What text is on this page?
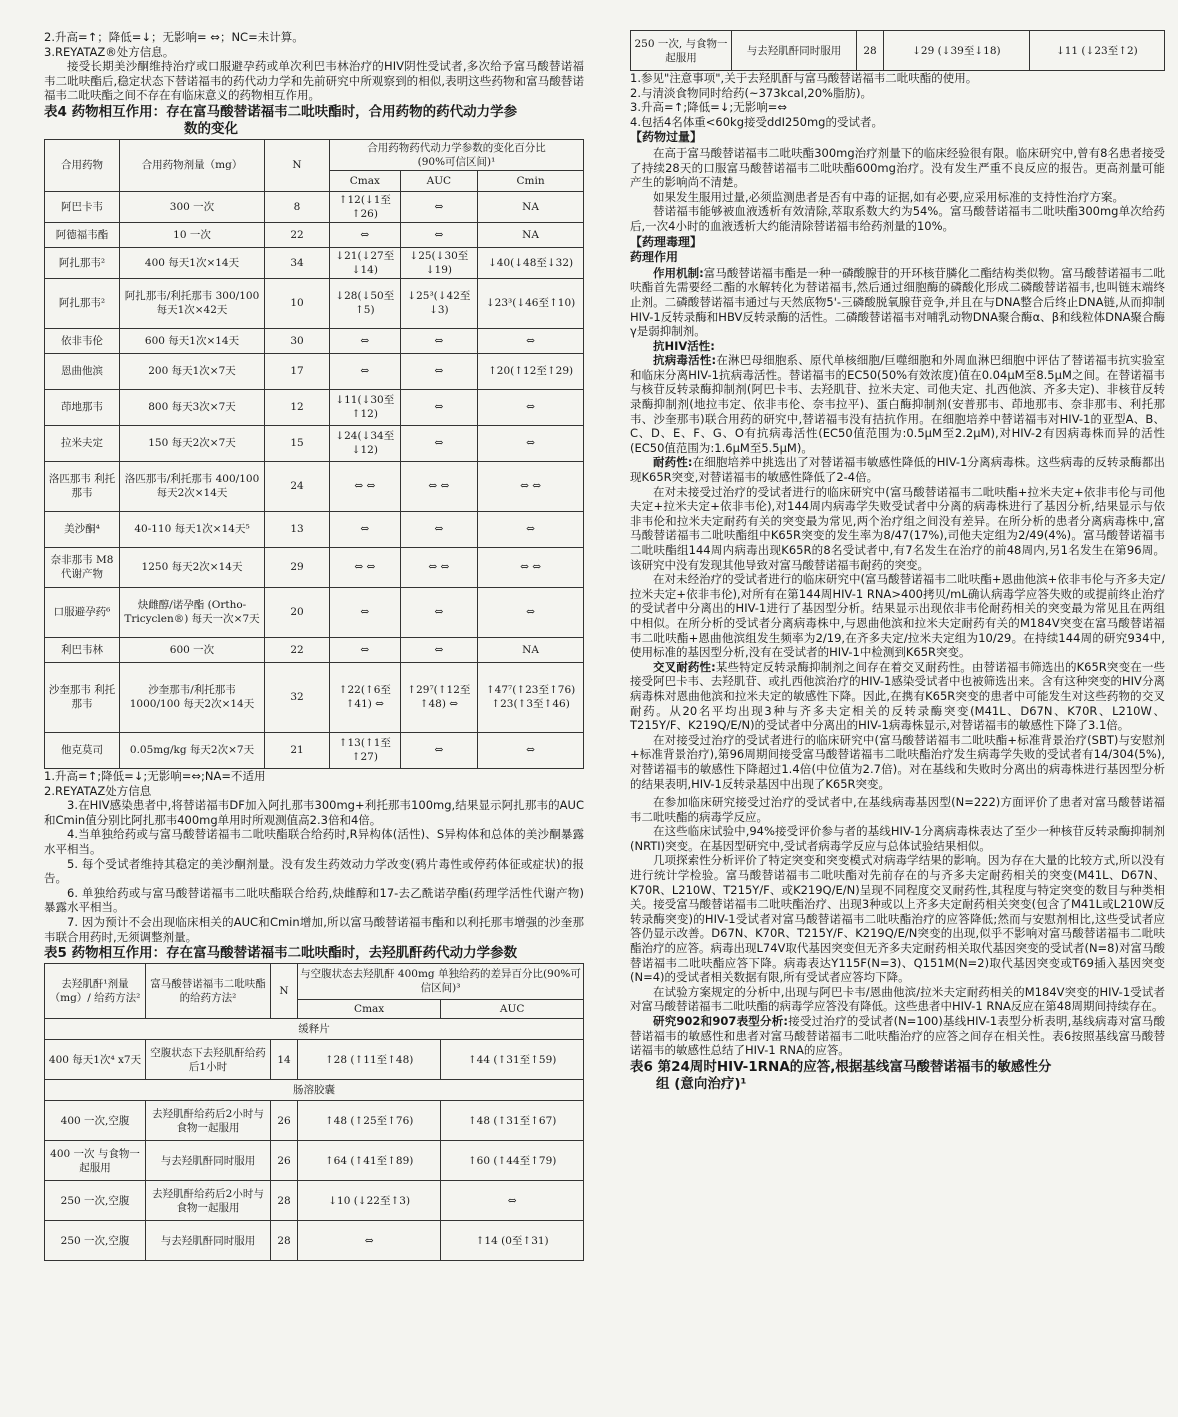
2.升高=↑；降低=↓；无影响= ⇔；NC=未计算。

3.REYATAZ®处方信息。

接受长期美沙酮维持治疗或口服避孕药或单次利巴韦林治疗的HIV阴性受试者,多次给予富马酸替诺福韦二吡呋酯后,稳定状态下替诺福韦的药代动力学和先前研究中所观察到的相似,表明这些药物和富马酸替诺福韦二吡呋酯之间不存在有临床意义的药物相互作用。

表4 药物相互作用：存在富马酸替诺福韦二吡呋酯时，合用药物的药代动力学参
数的变化
合用药物	合用药物剂量（mg）	N	合用药物药代动力学参数的变化百分比
(90%可信区间)¹		
			Cmax	AUC	Cmin
阿巴卡韦	300 一次	8	↑12(↓1至↑26)	⇔	NA
阿德福韦酯	10 一次	22	⇔	⇔	NA
阿扎那韦²	400 每天1次×14天	34	↓21(↓27至↓14)	↓25(↓30至↓19)	↓40(↓48至↓32)
阿扎那韦²	阿扎那韦/利托那韦 300/100 每天1次×42天	10	↓28(↓50至↑5)	↓25³(↓42至↓3)	↓23³(↓46至↑10)
依非韦伦	600 每天1次×14天	30	⇔	⇔	⇔
恩曲他滨	200 每天1次×7天	17	⇔	⇔	↑20(↑12至↑29)
茚地那韦	800 每天3次×7天	12	↓11(↓30至↑12)	⇔	⇔
拉米夫定	150 每天2次×7天	15	↓24(↓34至↓12)	⇔	⇔
洛匹那韦 利托那韦	洛匹那韦/利托那韦 400/100 每天2次×14天	24	⇔ ⇔	⇔ ⇔	⇔ ⇔
美沙酮⁴	40-110 每天1次×14天⁵	13	⇔	⇔	⇔
奈非那韦 M8代谢产物	1250 每天2次×14天	29	⇔ ⇔	⇔ ⇔	⇔ ⇔
口服避孕药⁶	炔雌醇/诺孕酯 (Ortho-Tricyclen®) 每天一次×7天	20	⇔	⇔	⇔
利巴韦林	600 一次	22	⇔	⇔	NA
沙奎那韦 利托那韦	沙奎那韦/利托那韦 1000/100 每天2次×14天	32	↑22(↑6至↑41) ⇔	↑29⁷(↑12至↑48) ⇔	↑47⁷(↑23至↑76) ↑23(↑3至↑46)
他克莫司	0.05mg/kg 每天2次×7天	21	↑13(↑1至↑27)	⇔	⇔

1.升高=↑;降低=↓;无影响=⇔;NA=不适用

2.REYATAZ处方信息

3.在HIV感染患者中,将替诺福韦DF加入阿扎那韦300mg+利托那韦100mg,结果显示阿扎那韦的AUC和Cmin值分别比阿扎那韦400mg单用时所观测值高2.3倍和4倍。

4.当单独给药或与富马酸替诺福韦二吡呋酯联合给药时,R异构体(活性)、S异构体和总体的美沙酮暴露水平相当。

5. 每个受试者维持其稳定的美沙酮剂量。没有发生药效动力学改变(鸦片毒性或停药体征或症状)的报告。

6. 单独给药或与富马酸替诺福韦二吡呋酯联合给药,炔雌醇和17-去乙酰诺孕酯(药理学活性代谢产物)暴露水平相当。

7. 因为预计不会出现临床相关的AUC和Cmin增加,所以富马酸替诺福韦酯和以利托那韦增强的沙奎那韦联合用药时,无须调整剂量。

表5 药物相互作用：存在富马酸替诺福韦二吡呋酯时，去羟肌酐药代动力学参数
去羟肌酐¹剂量（mg）/ 给药方法²	富马酸替诺福韦二吡呋酯的给药方法²	N	与空腹状态去羟肌酐 400mg 单独给药的差异百分比(90%可信区间)³	
			Cmax	AUC
缓释片				
400 每天1次⁴ x7天	空腹状态下去羟肌酐给药后1小时	14	↑28 (↑11至↑48)	↑44 (↑31至↑59)
肠溶胶囊				
400 一次,空腹	去羟肌酐给药后2小时与食物一起服用	26	↑48 (↑25至↑76)	↑48 (↑31至↑67)
400 一次 与食物一起服用	与去羟肌酐同时服用	26	↑64 (↑41至↑89)	↑60 (↑44至↑79)
250 一次,空腹	去羟肌酐给药后2小时与食物一起服用	28	↓10 (↓22至↑3)	⇔
250 一次,空腹	与去羟肌酐同时服用	28	⇔	↑14 (0至↑31)
250 一次, 与食物一起服用	与去羟肌酐同时服用	28	↓29 (↓39至↓18)	↓11 (↓23至↑2)

1.参见"注意事项",关于去羟肌酐与富马酸替诺福韦二吡呋酯的使用。

2.与清淡食物同时给药(~373kcal,20%脂肪)。

3.升高=↑;降低=↓;无影响=⇔

4.包括4名体重<60kg接受ddI250mg的受试者。

【药物过量】

在高于富马酸替诺福韦二吡呋酯300mg治疗剂量下的临床经验很有限。临床研究中,曾有8名患者接受了持续28天的口服富马酸替诺福韦二吡呋酯600mg治疗。没有发生严重不良反应的报告。更高剂量可能产生的影响尚不清楚。

如果发生服用过量,必须监测患者是否有中毒的证据,如有必要,应采用标准的支持性治疗方案。

替诺福韦能够被血液透析有效清除,萃取系数大约为54%。富马酸替诺福韦二吡呋酯300mg单次给药后,一次4小时的血液透析大约能清除替诺福韦给药剂量的10%。

【药理毒理】

药理作用

作用机制:富马酸替诺福韦酯是一种一磷酸腺苷的开环核苷膦化二酯结构类似物。富马酸替诺福韦二吡呋酯首先需要经二酯的水解转化为替诺福韦,然后通过细胞酶的磷酸化形成二磷酸替诺福韦,也叫链末端终止剂。二磷酸替诺福韦通过与天然底物5'-三磷酸脱氧腺苷竞争,并且在与DNA整合后终止DNA链,从而抑制HIV-1反转录酶和HBV反转录酶的活性。二磷酸替诺福韦对哺乳动物DNA聚合酶α、β和线粒体DNA聚合酶γ是弱抑制剂。

抗HIV活性:

抗病毒活性:在淋巴母细胞系、原代单核细胞/巨噬细胞和外周血淋巴细胞中评估了替诺福韦抗实验室和临床分离HIV-1抗病毒活性。替诺福韦的EC50(50%有效浓度)值在0.04μM至8.5μM之间。在替诺福韦与核苷反转录酶抑制剂(阿巴卡韦、去羟肌苷、拉米夫定、司他夫定、扎西他滨、齐多夫定)、非核苷反转录酶抑制剂(地拉韦定、依非韦伦、奈韦拉平)、蛋白酶抑制剂(安普那韦、茚地那韦、奈非那韦、利托那韦、沙奎那韦)联合用药的研究中,替诺福韦没有拮抗作用。在细胞培养中替诺福韦对HIV-1的亚型A、B、C、D、E、F、G、O有抗病毒活性(EC50值范围为:0.5μM至2.2μM),对HIV-2有因病毒株而异的活性(EC50值范围为:1.6μM至5.5μM)。

耐药性:在细胞培养中挑选出了对替诺福韦敏感性降低的HIV-1分离病毒株。这些病毒的反转录酶都出现K65R突变,对替诺福韦的敏感性降低了2-4倍。

在对未接受过治疗的受试者进行的临床研究中(富马酸替诺福韦二吡呋酯+拉米夫定+依非韦伦与司他夫定+拉米夫定+依非韦伦),对144周内病毒学失败受试者中分离的病毒株进行了基因分析,结果显示与依非韦伦和拉米夫定耐药有关的突变最为常见,两个治疗组之间没有差异。在所分析的患者分离病毒株中,富马酸替诺福韦二吡呋酯组中K65R突变的发生率为8/47(17%),司他夫定组为2/49(4%)。富马酸替诺福韦二吡呋酯组144周内病毒出现K65R的8名受试者中,有7名发生在治疗的前48周内,另1名发生在第96周。该研究中没有发现其他导致对富马酸替诺福韦耐药的突变。

在对未经治疗的受试者进行的临床研究中(富马酸替诺福韦二吡呋酯+恩曲他滨+依非韦伦与齐多夫定/拉米夫定+依非韦伦),对所有在第144周HIV-1 RNA>400拷贝/mL确认病毒学应答失败的或提前终止治疗的受试者中分离出的HIV-1进行了基因型分析。结果显示出现依非韦伦耐药相关的突变最为常见且在两组中相似。在所分析的受试者分离病毒株中,与恩曲他滨和拉米夫定耐药有关的M184V突变在富马酸替诺福韦二吡呋酯+恩曲他滨组发生频率为2/19,在齐多夫定/拉米夫定组为10/29。在持续144周的研究934中,使用标准的基因型分析,没有在受试者的HIV-1中检测到K65R突变。

交叉耐药性:某些特定反转录酶抑制剂之间存在着交叉耐药性。由替诺福韦筛选出的K65R突变在一些接受阿巴卡韦、去羟肌苷、或扎西他滨治疗的HIV-1感染受试者中也被筛选出来。含有这种突变的HIV分离病毒株对恩曲他滨和拉米夫定的敏感性下降。因此,在携有K65R突变的患者中可能发生对这些药物的交叉耐药。从20名平均出现3种与齐多夫定相关的反转录酶突变(M41L、D67N、K70R、L210W、T215Y/F、K219Q/E/N)的受试者中分离出的HIV-1病毒株显示,对替诺福韦的敏感性下降了3.1倍。

在对接受过治疗的受试者进行的临床研究中(富马酸替诺福韦二吡呋酯+标准背景治疗(SBT)与安慰剂+标准背景治疗),第96周期间接受富马酸替诺福韦二吡呋酯治疗发生病毒学失败的受试者有14/304(5%),对替诺福韦的敏感性下降超过1.4倍(中位值为2.7倍)。对在基线和失败时分离出的病毒株进行基因型分析的结果表明,HIV-1反转录基因中出现了K65R突变。

在参加临床研究接受过治疗的受试者中,在基线病毒基因型(N=222)方面评价了患者对富马酸替诺福韦二吡呋酯的病毒学反应。

在这些临床试验中,94%接受评价参与者的基线HIV-1分离病毒株表达了至少一种核苷反转录酶抑制剂(NRTI)突变。在基因型研究中,受试者病毒学反应与总体试验结果相似。

几项探索性分析评价了特定突变和突变模式对病毒学结果的影响。因为存在大量的比较方式,所以没有进行统计学检验。富马酸替诺福韦二吡呋酯对先前存在的与齐多夫定耐药相关的突变(M41L、D67N、K70R、L210W、T215Y/F、或K219Q/E/N)呈现不同程度交叉耐药性,其程度与特定突变的数目与种类相关。接受富马酸替诺福韦二吡呋酯治疗、出现3种或以上齐多夫定耐药相关突变(包含了M41L或L210W反转录酶突变)的HIV-1受试者对富马酸替诺福韦二吡呋酯治疗的应答降低;然而与安慰剂相比,这些受试者应答仍显示改善。D67N、K70R、T215Y/F、K219Q/E/N突变的出现,似乎不影响对富马酸替诺福韦二吡呋酯治疗的应答。病毒出现L74V取代基因突变但无齐多夫定耐药相关取代基因突变的受试者(N=8)对富马酸替诺福韦二吡呋酯应答下降。病毒表达Y115F(N=3)、Q151M(N=2)取代基因突变或T69插入基因突变(N=4)的受试者相关数据有限,所有受试者应答均下降。

在试验方案规定的分析中,出现与阿巴卡韦/恩曲他滨/拉米夫定耐药相关的M184V突变的HIV-1受试者对富马酸替诺福韦二吡呋酯的病毒学应答没有降低。这些患者中HIV-1 RNA反应在第48周期间持续存在。

研究902和907表型分析:接受过治疗的受试者(N=100)基线HIV-1表型分析表明,基线病毒对富马酸替诺福韦的敏感性和患者对富马酸替诺福韦二吡呋酯治疗的应答之间存在相关性。表6按照基线富马酸替诺福韦的敏感性总结了HIV-1 RNA的应答。

表6 第24周时HIV-1RNA的应答,根据基线富马酸替诺福韦的敏感性分
组 (意向治疗)¹
